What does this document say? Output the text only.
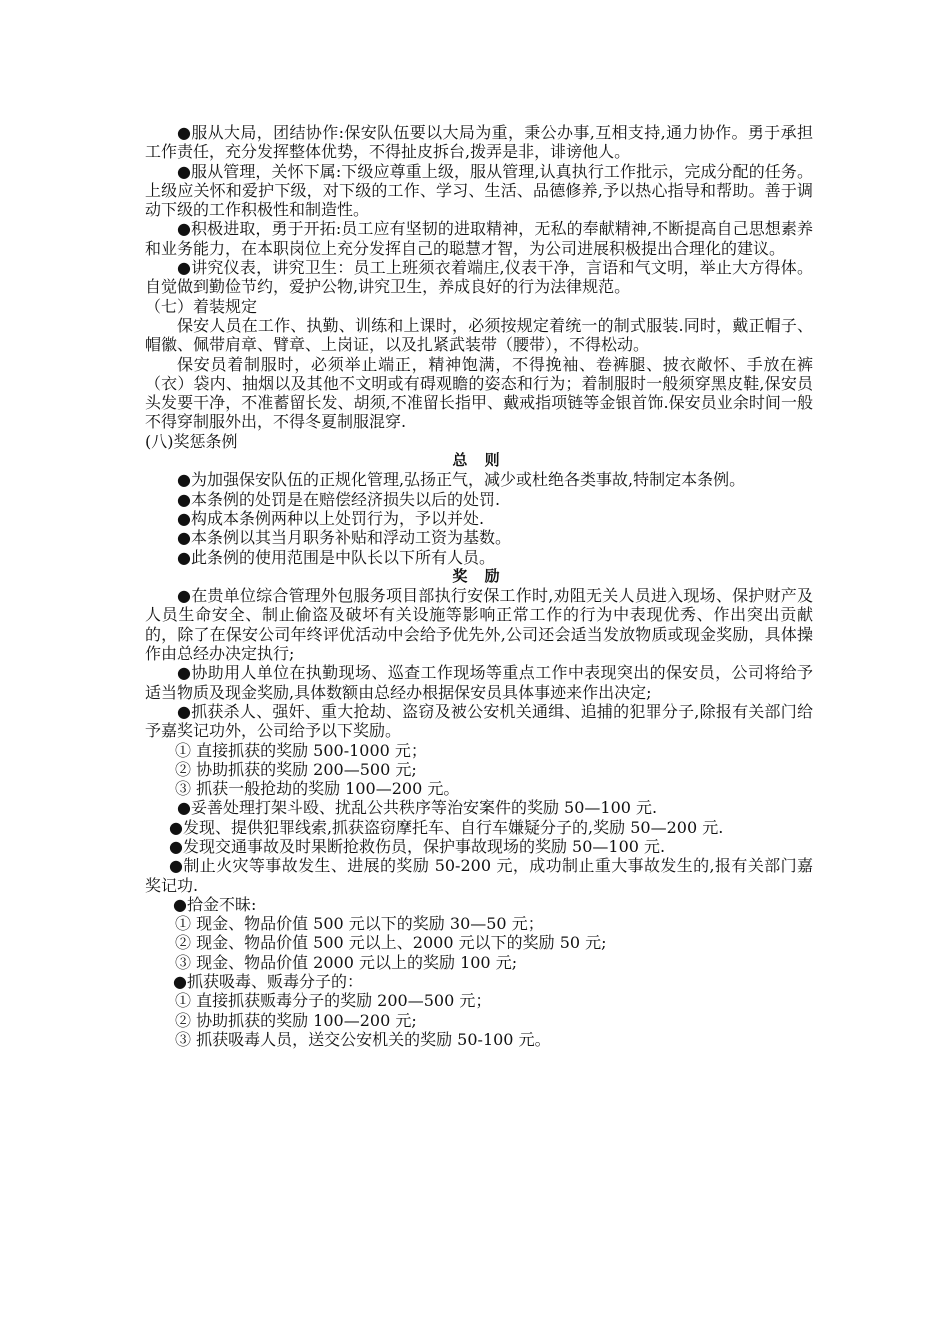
●服从大局，团结协作:保安队伍要以大局为重，秉公办事,互相支持,通力协作。勇于承担工作责任，充分发挥整体优势，不得扯皮拆台,拨弄是非，诽谤他人。

●服从管理，关怀下属:下级应尊重上级，服从管理,认真执行工作批示，完成分配的任务。上级应关怀和爱护下级，对下级的工作、学习、生活、品德修养,予以热心指导和帮助。善于调动下级的工作积极性和制造性。

●积极进取，勇于开拓:员工应有坚韧的进取精神，无私的奉献精神,不断提高自己思想素养和业务能力，在本职岗位上充分发挥自己的聪慧才智，为公司进展积极提出合理化的建议。

●讲究仪表，讲究卫生：员工上班须衣着端庄,仪表干净，言语和气文明，举止大方得体。自觉做到勤俭节约，爱护公物,讲究卫生，养成良好的行为法律规范。

（七）着装规定

保安人员在工作、执勤、训练和上课时，必须按规定着统一的制式服装.同时，戴正帽子、帽徽、佩带肩章、臂章、上岗证，以及扎紧武装带（腰带），不得松动。

保安员着制服时，必须举止端正，精神饱满，不得挽袖、卷裤腿、披衣敞怀、手放在裤（衣）袋内、抽烟以及其他不文明或有碍观瞻的姿态和行为；着制服时一般须穿黑皮鞋,保安员头发要干净，不准蓄留长发、胡须,不准留长指甲、戴戒指项链等金银首饰.保安员业余时间一般不得穿制服外出，不得冬夏制服混穿.

(八)奖惩条例

总 则

●为加强保安队伍的正规化管理,弘扬正气，减少或杜绝各类事故,特制定本条例。

●本条例的处罚是在赔偿经济损失以后的处罚.

●构成本条例两种以上处罚行为，予以并处.

●本条例以其当月职务补贴和浮动工资为基数。

●此条例的使用范围是中队长以下所有人员。

奖 励

●在贵单位综合管理外包服务项目部执行安保工作时,劝阻无关人员进入现场、保护财产及人员生命安全、制止偷盗及破坏有关设施等影响正常工作的行为中表现优秀、作出突出贡献的，除了在保安公司年终评优活动中会给予优先外,公司还会适当发放物质或现金奖励，具体操作由总经办决定执行;

●协助用人单位在执勤现场、巡查工作现场等重点工作中表现突出的保安员，公司将给予适当物质及现金奖励,具体数额由总经办根据保安员具体事迹来作出决定;

●抓获杀人、强奸、重大抢劫、盗窃及被公安机关通缉、追捕的犯罪分子,除报有关部门给予嘉奖记功外，公司给予以下奖励。

① 直接抓获的奖励 500-1000 元；

② 协助抓获的奖励 200—500 元;

③ 抓获一般抢劫的奖励 100—200 元。

●妥善处理打架斗殴、扰乱公共秩序等治安案件的奖励 50—100 元.

●发现、提供犯罪线索,抓获盗窃摩托车、自行车嫌疑分子的,奖励 50—200 元.

●发现交通事故及时果断抢救伤员，保护事故现场的奖励 50—100 元.

●制止火灾等事故发生、进展的奖励 50-200 元，成功制止重大事故发生的,报有关部门嘉奖记功.

●拾金不昧:

① 现金、物品价值 500 元以下的奖励 30—50 元；

② 现金、物品价值 500 元以上、2000 元以下的奖励 50 元;

③ 现金、物品价值 2000 元以上的奖励 100 元;

●抓获吸毒、贩毒分子的：

① 直接抓获贩毒分子的奖励 200—500 元；

② 协助抓获的奖励 100—200 元;

③ 抓获吸毒人员，送交公安机关的奖励 50-100 元。
